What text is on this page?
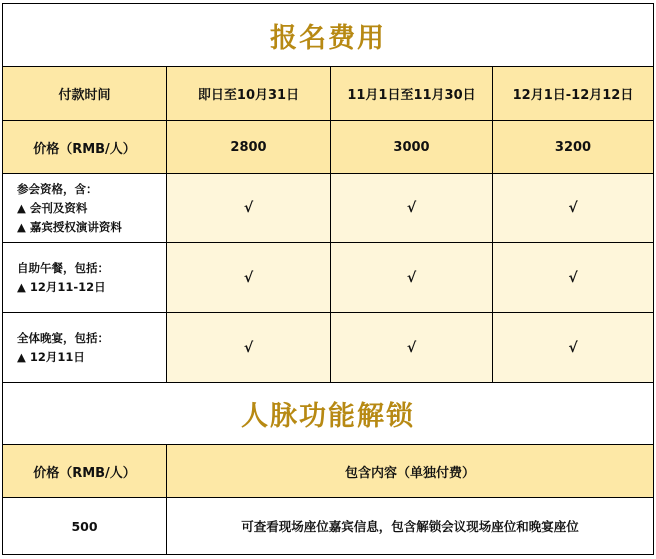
报名费用
付款时间	即日至10月31日	11月1日至11月30日	12月1日-12月12日
价格（RMB/人）	2800	3000	3200
参会资格，含：
▲ 会刊及资料
▲ 嘉宾授权演讲资料
√	√	√
自助午餐，包括：
▲ 12月11-12日
√	√	√
全体晚宴，包括：
▲ 12月11日
√	√	√
人脉功能解锁
价格（RMB/人）	包含内容（单独付费）
500	可查看现场座位嘉宾信息，包含解锁会议现场座位和晚宴座位
